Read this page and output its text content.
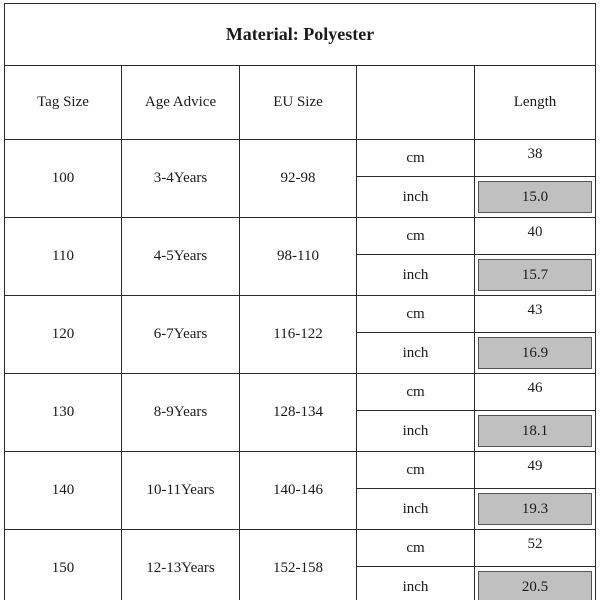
Material: Polyester				
Tag Size	Age Advice	EU Size		Length
100	3-4Years	92-98	cm	38
			inch	15.0

110	4-5Years	98-110	cm	40
			inch	15.7

120	6-7Years	116-122	cm	43
			inch	16.9

130	8-9Years	128-134	cm	46
			inch	18.1

140	10-11Years	140-146	cm	49
			inch	19.3

150	12-13Years	152-158	cm	52
			inch	20.5
